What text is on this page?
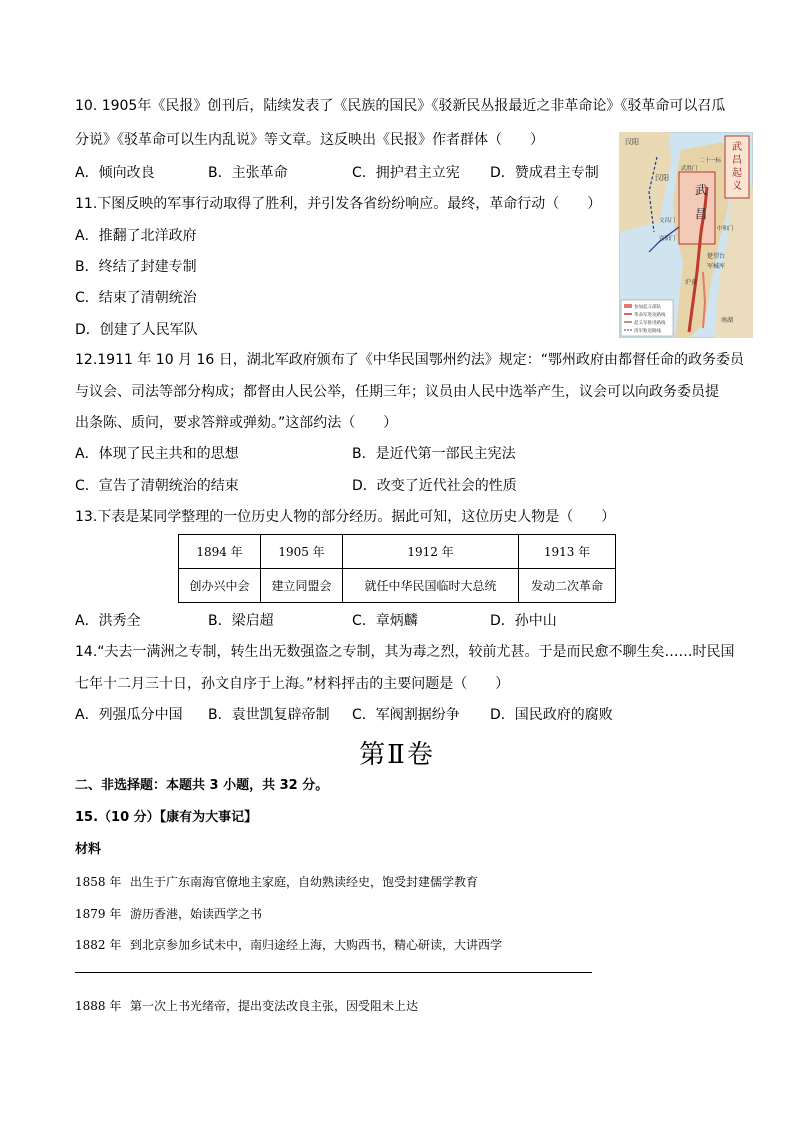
10. 1905年《民报》创刊后，陆续发表了《民族的国民》《驳新民丛报最近之非革命论》《驳革命可以召瓜
分说》《驳革命可以生内乱说》等文章。这反映出《民报》作者群体（　　）
A．倾向改良	B．主张革命	C．拥护君主立宪 D．赞成君主专制
11.下图反映的军事行动取得了胜利，并引发各省纷纷响应。最终，革命行动（　　）
A．推翻了北洋政府
B．终结了封建专制
C．结束了清朝统治
D．创建了人民军队
武
昌
起
义
汉阳
汉阳
武
昌
武胜门
二十一标
中和门
文昌门
宾阳门
楚望台
军械库
南湖
沪黄
参加起义部队
革命军进攻路线
起义军推进路线
清军败退路线
12.1911 年 10 月 16 日，湖北军政府颁布了《中华民国鄂州约法》规定：“鄂州政府由都督任命的政务委员
与议会、司法等部分构成；都督由人民公举，任期三年；议员由人民中选举产生，议会可以向政务委员提
出条陈、质问，要求答辩或弹劾。”这部约法（　　）
A．体现了民主共和的思想	B．是近代第一部民主宪法
C．宣告了清朝统治的结束	D．改变了近代社会的性质
13.下表是某同学整理的一位历史人物的部分经历。据此可知，这位历史人物是（　　）
1894 年	1905 年	1912 年	1913 年
创办兴中会	建立同盟会	就任中华民国临时大总统	发动二次革命
A．洪秀全	B．梁启超	C．章炳麟	D．孙中山
14.“夫去一满洲之专制，转生出无数强盗之专制，其为毒之烈，较前尤甚。于是而民愈不聊生矣……时民国
七年十二月三十日，孙文自序于上海。”材料抨击的主要问题是（　　）
A．列强瓜分中国 B．袁世凯复辟帝制 C．军阀割据纷争 D．国民政府的腐败
第Ⅱ卷
二、非选择题：本题共 3 小题，共 32 分。
15.（10 分）【康有为大事记】
材料
1858 年 出生于广东南海官僚地主家庭，自幼熟读经史，饱受封建儒学教育
1879 年 游历香港，始读西学之书
1882 年 到北京参加乡试未中，南归途经上海，大购西书，精心研读，大讲西学
1888 年 第一次上书光绪帝，提出变法改良主张，因受阻未上达
